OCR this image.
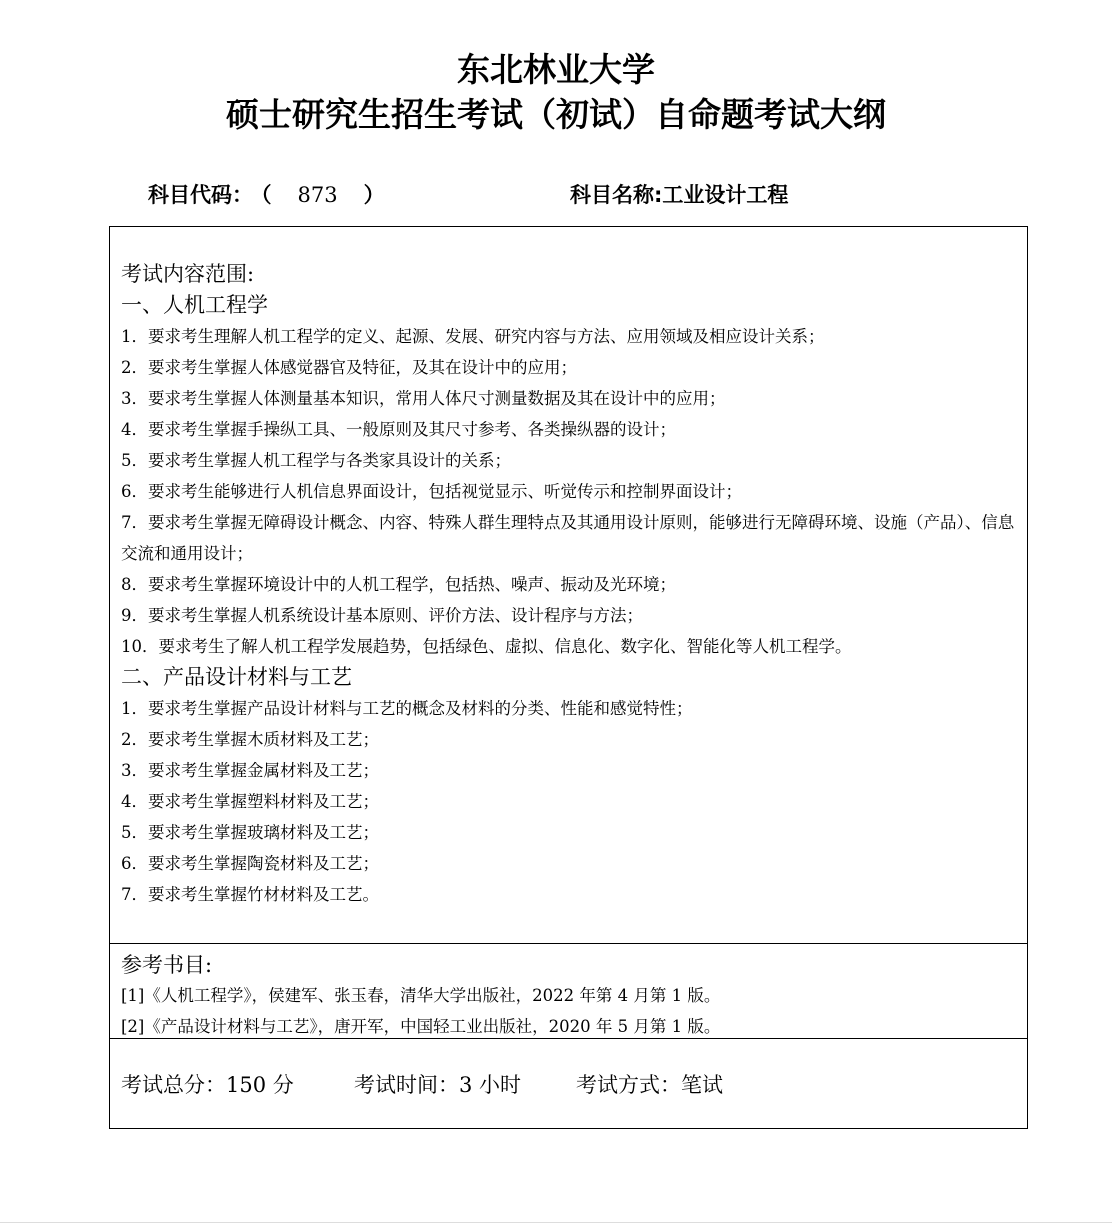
东北林业大学
硕士研究生招生考试（初试）自命题考试大纲
科目代码： （ 873 ）	科目名称:工业设计工程
考试内容范围:
一、人机工程学
1．要求考生理解人机工程学的定义、起源、发展、研究内容与方法、应用领域及相应设计关系；
2．要求考生掌握人体感觉器官及特征，及其在设计中的应用；
3．要求考生掌握人体测量基本知识，常用人体尺寸测量数据及其在设计中的应用；
4．要求考生掌握手操纵工具、一般原则及其尺寸参考、各类操纵器的设计；
5．要求考生掌握人机工程学与各类家具设计的关系；
6．要求考生能够进行人机信息界面设计，包括视觉显示、听觉传示和控制界面设计；
7．要求考生掌握无障碍设计概念、内容、特殊人群生理特点及其通用设计原则，能够进行无障碍环境、设施（产品）、信息交流和通用设计；
8．要求考生掌握环境设计中的人机工程学，包括热、噪声、振动及光环境；
9．要求考生掌握人机系统设计基本原则、评价方法、设计程序与方法；
10．要求考生了解人机工程学发展趋势，包括绿色、虚拟、信息化、数字化、智能化等人机工程学。
二、产品设计材料与工艺
1．要求考生掌握产品设计材料与工艺的概念及材料的分类、性能和感觉特性；
2．要求考生掌握木质材料及工艺；
3．要求考生掌握金属材料及工艺；
4．要求考生掌握塑料材料及工艺；
5．要求考生掌握玻璃材料及工艺；
6．要求考生掌握陶瓷材料及工艺；
7．要求考生掌握竹材材料及工艺。
参考书目:
[1]《人机工程学》，侯建军、张玉春，清华大学出版社，2022 年第 4 月第 1 版。
[2]《产品设计材料与工艺》，唐开军，中国轻工业出版社，2020 年 5 月第 1 版。
考试总分：150 分	考试时间：3 小时	考试方式：笔试
